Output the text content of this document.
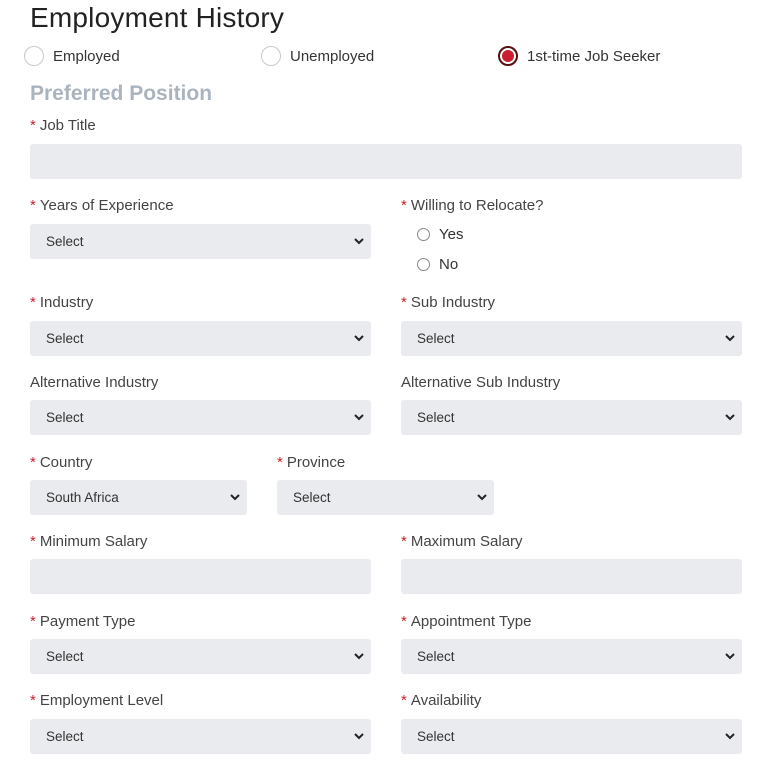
Employment History
Employed	Unemployed	1st-time Job Seeker
Preferred Position
* Job Title
* Years of Experience
Select
* Willing to Relocate?
Yes
No
* Industry
Select
* Sub Industry
Select
Alternative Industry
Select
Alternative Sub Industry
Select
* Country
South Africa
* Province
Select
* Minimum Salary	* Maximum Salary
* Payment Type
Select
* Appointment Type
Select
* Employment Level
Select
* Availability
Select
